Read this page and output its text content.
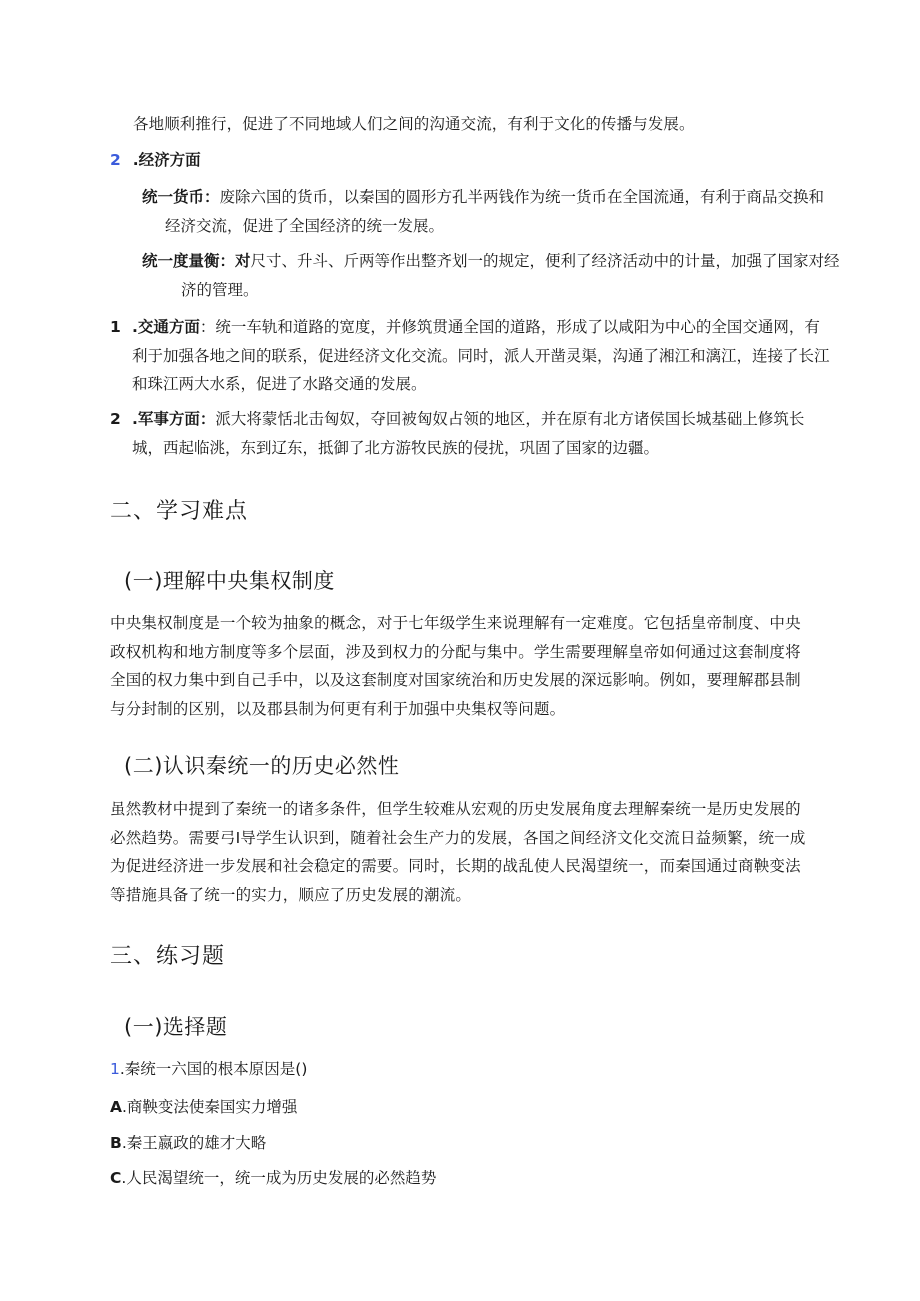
各地顺利推行，促进了不同地域人们之间的沟通交流，有利于文化的传播与发展。

2 .经济方面

统一货币：废除六国的货币，以秦国的圆形方孔半两钱作为统一货币在全国流通，有利于商品交换和经济交流，促进了全国经济的统一发展。

统一度量衡：对尺寸、升斗、斤两等作出整齐划一的规定，便利了经济活动中的计量，加强了国家对经济的管理。

1 .交通方面：统一车轨和道路的宽度，并修筑贯通全国的道路，形成了以咸阳为中心的全国交通网，有利于加强各地之间的联系，促进经济文化交流。同时，派人开凿灵渠，沟通了湘江和漓江，连接了长江和珠江两大水系，促进了水路交通的发展。

2 .军事方面：派大将蒙恬北击匈奴，夺回被匈奴占领的地区，并在原有北方诸侯国长城基础上修筑长城，西起临洮，东到辽东，抵御了北方游牧民族的侵扰，巩固了国家的边疆。

二、学习难点
(一)理解中央集权制度

中央集权制度是一个较为抽象的概念，对于七年级学生来说理解有一定难度。它包括皇帝制度、中央政权机构和地方制度等多个层面，涉及到权力的分配与集中。学生需要理解皇帝如何通过这套制度将全国的权力集中到自己手中，以及这套制度对国家统治和历史发展的深远影响。例如，要理解郡县制与分封制的区别，以及郡县制为何更有利于加强中央集权等问题。

(二)认识秦统一的历史必然性

虽然教材中提到了秦统一的诸多条件，但学生较难从宏观的历史发展角度去理解秦统一是历史发展的必然趋势。需要弓I导学生认识到，随着社会生产力的发展，各国之间经济文化交流日益频繁，统一成为促进经济进一步发展和社会稳定的需要。同时，长期的战乱使人民渴望统一，而秦国通过商鞅变法等措施具备了统一的实力，顺应了历史发展的潮流。

三、练习题
(一)选择题

1.秦统一六国的根本原因是()

A.商鞅变法使秦国实力增强

B.秦王嬴政的雄才大略

C.人民渴望统一，统一成为历史发展的必然趋势
